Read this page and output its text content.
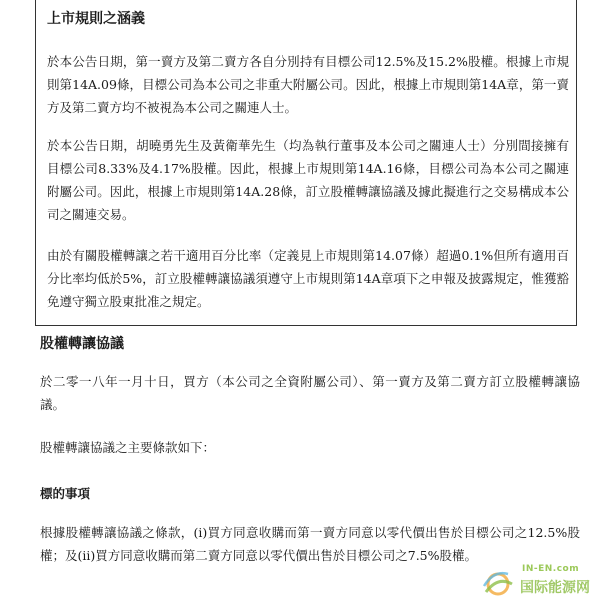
上市規則之涵義

於本公告日期，第一賣方及第二賣方各自分別持有目標公司12.5%及15.2%股權。根據上市規則第14A.09條，目標公司為本公司之非重大附屬公司。因此，根據上市規則第14A章，第一賣方及第二賣方均不被視為本公司之關連人士。

於本公告日期，胡曉勇先生及黃衛華先生（均為執行董事及本公司之關連人士）分別間接擁有目標公司8.33%及4.17%股權。因此，根據上市規則第14A.16條，目標公司為本公司之關連附屬公司。因此，根據上市規則第14A.28條，訂立股權轉讓協議及據此擬進行之交易構成本公司之關連交易。

由於有關股權轉讓之若干適用百分比率（定義見上市規則第14.07條）超過0.1%但所有適用百分比率均低於5%，訂立股權轉讓協議須遵守上市規則第14A章項下之申報及披露規定，惟獲豁免遵守獨立股東批准之規定。

股權轉讓協議

於二零一八年一月十日，買方（本公司之全資附屬公司）、第一賣方及第二賣方訂立股權轉讓協議。

股權轉讓協議之主要條款如下：

標的事項

根據股權轉讓協議之條款，(i)買方同意收購而第一賣方同意以零代價出售於目標公司之12.5%股權；及(ii)買方同意收購而第二賣方同意以零代價出售於目標公司之7.5%股權。

IN-EN.com
国际能源网
